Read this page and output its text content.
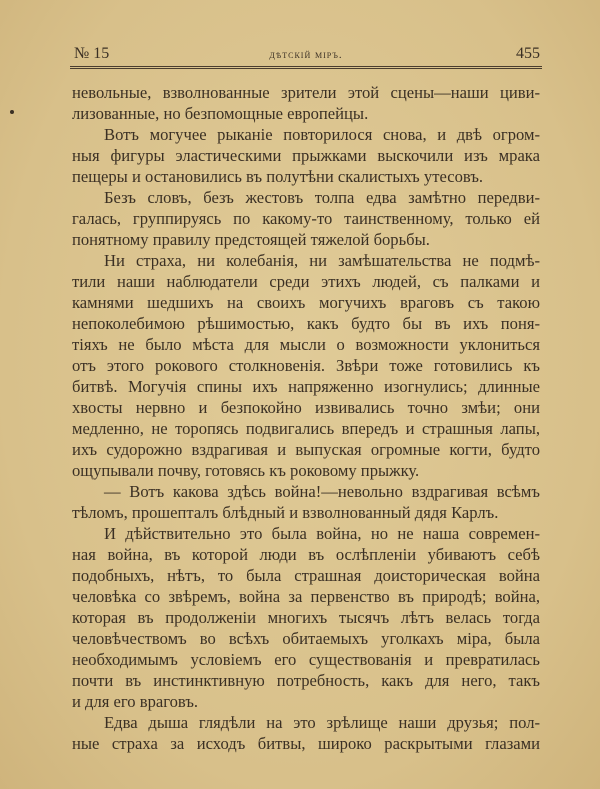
№ 15	дѣтскiй мiръ.	455
невольные, взволнованные зрители этой сцены—наши циви-
лизованные, но безпомощные европейцы.
Вотъ могучее рыканiе повторилося снова, и двѣ огром-
ныя фигуры эластическими прыжками выскочили изъ мрака
пещеры и остановились въ полутѣни скалистыхъ утесовъ.
Безъ словъ, безъ жестовъ толпа едва замѣтно передви-
галась, группируясь по какому-то таинственному, только ей
понятному правилу предстоящей тяжелой борьбы.
Ни страха, ни колебанiя, ни замѣшательства не подмѣ-
тили наши наблюдатели среди этихъ людей, съ палками и
камнями шедшихъ на своихъ могучихъ враговъ съ такою
непоколебимою рѣшимостью, какъ будто бы въ ихъ поня-
тiяхъ не было мѣста для мысли о возможности уклониться
отъ этого рокового столкновенiя. Звѣри тоже готовились къ
битвѣ. Могучiя спины ихъ напряженно изогнулись; длинные
хвосты нервно и безпокойно извивались точно змѣи; они
медленно, не торопясь подвигались впередъ и страшныя лапы,
ихъ судорожно вздрагивая и выпуская огромные когти, будто
ощупывали почву, готовясь къ роковому прыжку.
— Вотъ какова здѣсь война!—невольно вздрагивая всѣмъ
тѣломъ, прошепталъ блѣдный и взволнованный дядя Карлъ.
И дѣйствительно это была война, но не наша современ-
ная война, въ которой люди въ ослѣпленiи убиваютъ себѣ
подобныхъ, нѣтъ, то была страшная доисторическая война
человѣка со звѣремъ, война за первенство въ природѣ; война,
которая въ продолженiи многихъ тысячъ лѣтъ велась тогда
человѣчествомъ во всѣхъ обитаемыхъ уголкахъ мiра, была
необходимымъ условiемъ его существованiя и превратилась
почти въ инстинктивную потребность, какъ для него, такъ
и для его враговъ.
Едва дыша глядѣли на это зрѣлище наши друзья; пол-
ные страха за исходъ битвы, широко раскрытыми глазами
